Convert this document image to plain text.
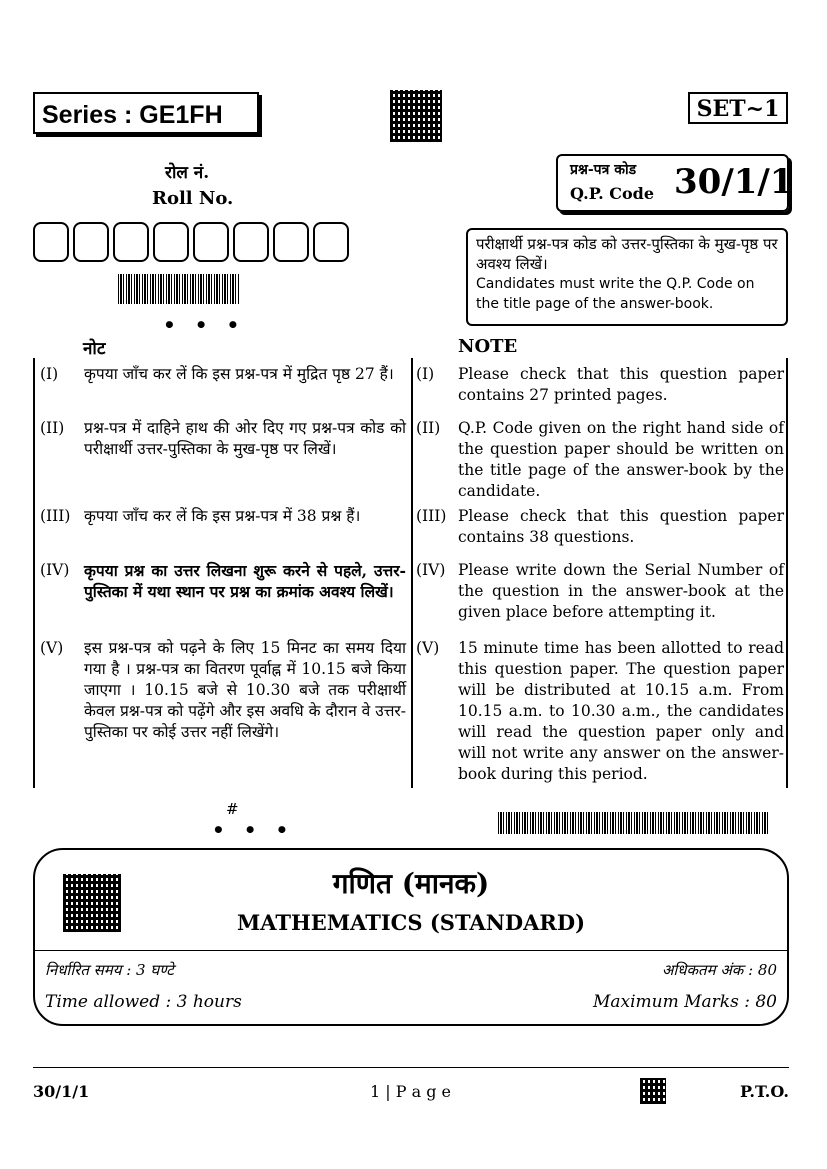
Series : GE1FH	SET~1
रोल नं.
Roll No.
• • •
प्रश्न-पत्र कोड
Q.P. Code 30/1/1
परीक्षार्थी प्रश्न-पत्र कोड को उत्तर-पुस्तिका के मुख-पृष्ठ पर अवश्य लिखें।
Candidates must write the Q.P. Code on the title page of the answer-book.
नोट	NOTE
(I) कृपया जाँच कर लें कि इस प्रश्न-पत्र में मुद्रित पृष्ठ 27 हैं।
(II) प्रश्न-पत्र में दाहिने हाथ की ओर दिए गए प्रश्न-पत्र कोड को परीक्षार्थी उत्तर-पुस्तिका के मुख-पृष्ठ पर लिखें।
(III) कृपया जाँच कर लें कि इस प्रश्न-पत्र में 38 प्रश्न हैं।
(IV) कृपया प्रश्न का उत्तर लिखना शुरू करने से पहले, उत्तर-पुस्तिका में यथा स्थान पर प्रश्न का क्रमांक अवश्य लिखें।
(V) इस प्रश्न-पत्र को पढ़ने के लिए 15 मिनट का समय दिया गया है । प्रश्न-पत्र का वितरण पूर्वाह्न में 10.15 बजे किया जाएगा । 10.15 बजे से 10.30 बजे तक परीक्षार्थी केवल प्रश्न-पत्र को पढ़ेंगे और इस अवधि के दौरान वे उत्तर-पुस्तिका पर कोई उत्तर नहीं लिखेंगे।
(I) Please check that this question paper contains 27 printed pages.
(II) Q.P. Code given on the right hand side of the question paper should be written on the title page of the answer-book by the candidate.
(III) Please check that this question paper contains 38 questions.
(IV) Please write down the Serial Number of the question in the answer-book at the given place before attempting it.
(V) 15 minute time has been allotted to read this question paper. The question paper will be distributed at 10.15 a.m. From 10.15 a.m. to 10.30 a.m., the candidates will read the question paper only and will not write any answer on the answer-book during this period.
#
• • •
गणित (मानक)
MATHEMATICS (STANDARD)
निर्धारित समय : 3 घण्टे	अधिकतम अंक : 80
Time allowed : 3 hours	Maximum Marks : 80
30/1/1	1 | P a g e	P.T.O.
